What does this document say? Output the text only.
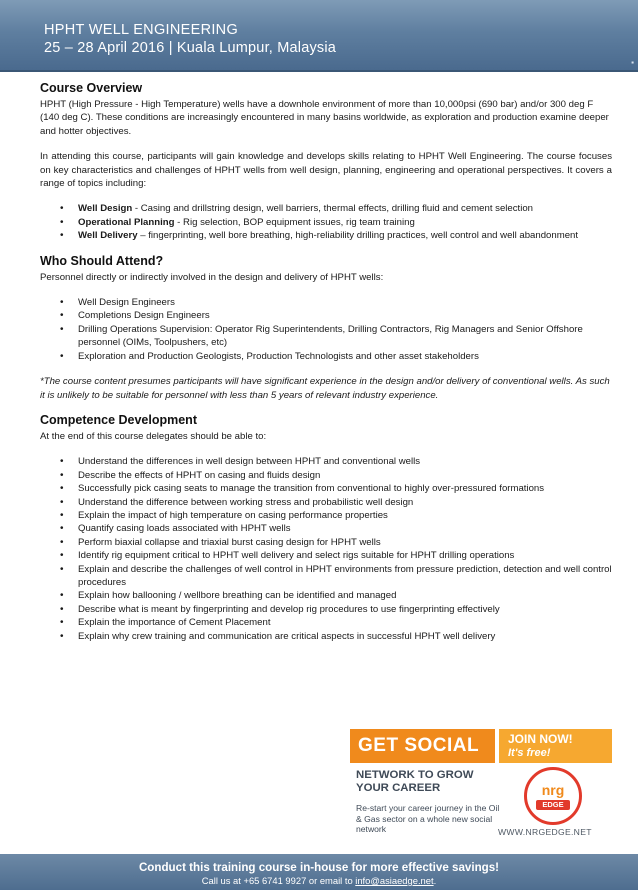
HPHT WELL ENGINEERING
25 – 28 April 2016 | Kuala Lumpur, Malaysia
▪
Course Overview

HPHT (High Pressure - High Temperature) wells have a downhole environment of more than 10,000psi (690 bar) and/or 300 deg F (140 deg C). These conditions are increasingly encountered in many basins worldwide, as exploration and production examine deeper and hotter objectives.

In attending this course, participants will gain knowledge and develops skills relating to HPHT Well Engineering. The course focuses on key characteristics and challenges of HPHT wells from well design, planning, engineering and operational perspectives. It covers a range of topics including:

• Well Design - Casing and drillstring design, well barriers, thermal effects, drilling fluid and cement selection
• Operational Planning - Rig selection, BOP equipment issues, rig team training
• Well Delivery – fingerprinting, well bore breathing, high-reliability drilling practices, well control and well abandonment
Who Should Attend?

Personnel directly or indirectly involved in the design and delivery of HPHT wells:

• Well Design Engineers
• Completions Design Engineers
• Drilling Operations Supervision: Operator Rig Superintendents, Drilling Contractors, Rig Managers and Senior Offshore personnel (OIMs, Toolpushers, etc)
• Exploration and Production Geologists, Production Technologists and other asset stakeholders

*The course content presumes participants will have significant experience in the design and/or delivery of conventional wells. As such it is unlikely to be suitable for personnel with less than 5 years of relevant industry experience.

Competence Development

At the end of this course delegates should be able to:

• Understand the differences in well design between HPHT and conventional wells
• Describe the effects of HPHT on casing and fluids design
• Successfully pick casing seats to manage the transition from conventional to highly over-pressured formations
• Understand the difference between working stress and probabilistic well design
• Explain the impact of high temperature on casing performance properties
• Quantify casing loads associated with HPHT wells
• Perform biaxial collapse and triaxial burst casing design for HPHT wells
• Identify rig equipment critical to HPHT well delivery and select rigs suitable for HPHT drilling operations
• Explain and describe the challenges of well control in HPHT environments from pressure prediction, detection and well control procedures
• Explain how ballooning / wellbore breathing can be identified and managed
• Describe what is meant by fingerprinting and develop rig procedures to use fingerprinting effectively
• Explain the importance of Cement Placement
• Explain why crew training and communication are critical aspects in successful HPHT well delivery
GET SOCIAL	JOIN NOW!
It's free!
NETWORK TO GROW YOUR CAREER
Re-start your career journey in the Oil & Gas sector on a whole new social network
nrg
EDGE
WWW.NRGEDGE.NET
Conduct this training course in-house for more effective savings!
Call us at +65 6741 9927 or email to info@asiaedge.net.
